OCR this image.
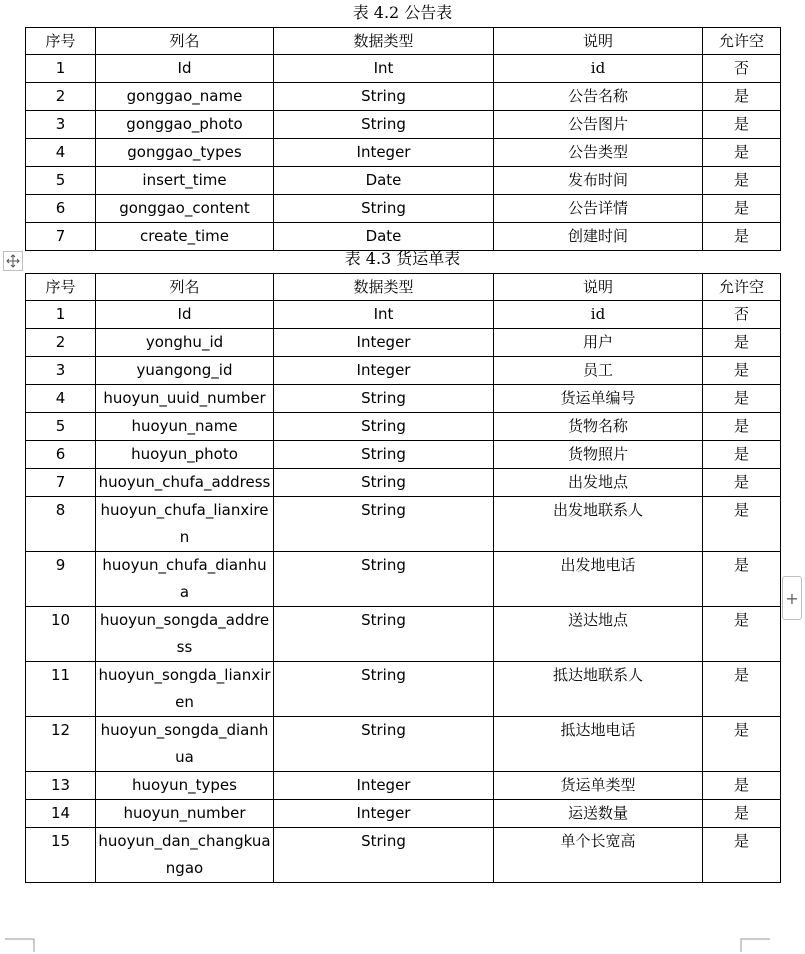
表 4.2 公告表
序号	列名	数据类型	说明	允许空
1	Id	Int	id	否
2	gonggao_name	String	公告名称	是
3	gonggao_photo	String	公告图片	是
4	gonggao_types	Integer	公告类型	是
5	insert_time	Date	发布时间	是
6	gonggao_content	String	公告详情	是
7	create_time	Date	创建时间	是
表 4.3 货运单表
序号	列名	数据类型	说明	允许空
1	Id	Int	id	否
2	yonghu_id	Integer	用户	是
3	yuangong_id	Integer	员工	是
4	huoyun_uuid_number	String	货运单编号	是
5	huoyun_name	String	货物名称	是
6	huoyun_photo	String	货物照片	是
7	huoyun_chufa_address	String	出发地点	是
8	huoyun_chufa_lianxiren	String	出发地联系人	是
9	huoyun_chufa_dianhua	String	出发地电话	是
10	huoyun_songda_address	String	送达地点	是
11	huoyun_songda_lianxiren	String	抵达地联系人	是
12	huoyun_songda_dianhua	String	抵达地电话	是
13	huoyun_types	Integer	货运单类型	是
14	huoyun_number	Integer	运送数量	是
15	huoyun_dan_changkuangao	String	单个长宽高	是
+
